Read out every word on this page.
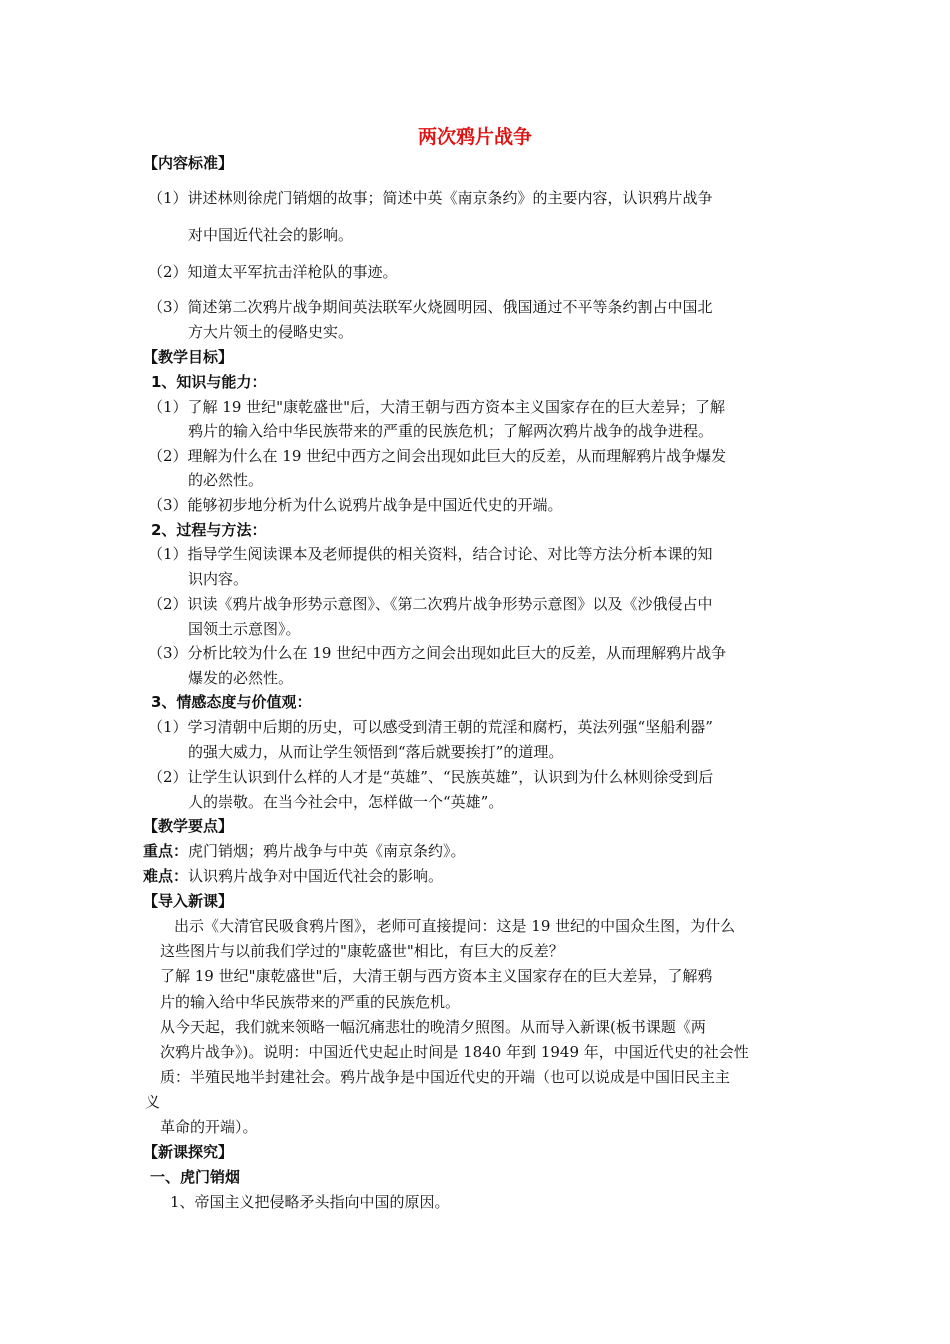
两次鸦片战争
【内容标准】
（1）讲述林则徐虎门销烟的故事；简述中英《南京条约》的主要内容，认识鸦片战争
对中国近代社会的影响。
（2）知道太平军抗击洋枪队的事迹。
（3）简述第二次鸦片战争期间英法联军火烧圆明园、俄国通过不平等条约割占中国北
方大片领土的侵略史实。
【教学目标】
1、知识与能力：
（1）了解 19 世纪"康乾盛世"后，大清王朝与西方资本主义国家存在的巨大差异；了解
鸦片的输入给中华民族带来的严重的民族危机；了解两次鸦片战争的战争进程。
（2）理解为什么在 19 世纪中西方之间会出现如此巨大的反差，从而理解鸦片战争爆发
的必然性。
（3）能够初步地分析为什么说鸦片战争是中国近代史的开端。
2、过程与方法：
（1）指导学生阅读课本及老师提供的相关资料，结合讨论、对比等方法分析本课的知
识内容。
（2）识读《鸦片战争形势示意图》、《第二次鸦片战争形势示意图》以及《沙俄侵占中
国领土示意图》。
（3）分析比较为什么在 19 世纪中西方之间会出现如此巨大的反差，从而理解鸦片战争
爆发的必然性。
3、情感态度与价值观：
（1）学习清朝中后期的历史，可以感受到清王朝的荒淫和腐朽，英法列强“坚船利器”
的强大威力，从而让学生领悟到“落后就要挨打”的道理。
（2）让学生认识到什么样的人才是“英雄”、“民族英雄”，认识到为什么林则徐受到后
人的崇敬。在当今社会中，怎样做一个“英雄”。
【教学要点】
重点：虎门销烟；鸦片战争与中英《南京条约》。
难点：认识鸦片战争对中国近代社会的影响。
【导入新课】
出示《大清官民吸食鸦片图》，老师可直接提问：这是 19 世纪的中国众生图，为什么
这些图片与以前我们学过的"康乾盛世"相比，有巨大的反差？
了解 19 世纪"康乾盛世"后，大清王朝与西方资本主义国家存在的巨大差异，了解鸦
片的输入给中华民族带来的严重的民族危机。
从今天起，我们就来领略一幅沉痛悲壮的晚清夕照图。从而导入新课(板书课题《两
次鸦片战争》)。说明：中国近代史起止时间是 1840 年到 1949 年，中国近代史的社会性
质：半殖民地半封建社会。鸦片战争是中国近代史的开端（也可以说成是中国旧民主主
义
革命的开端）。
【新课探究】
一、虎门销烟
1、帝国主义把侵略矛头指向中国的原因。
